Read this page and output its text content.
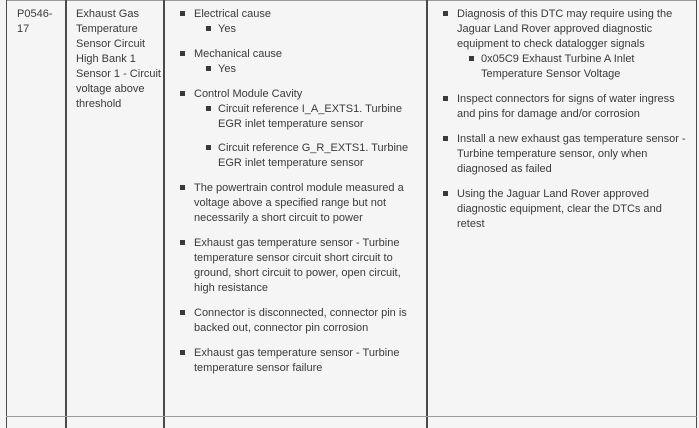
P0546-
17
Exhaust Gas Temperature Sensor Circuit High Bank 1 Sensor 1 - Circuit voltage above threshold
Electrical cause
Yes
Mechanical cause
Yes
Control Module Cavity
Circuit reference I_A_EXTS1. Turbine EGR inlet temperature sensor
Circuit reference G_R_EXTS1. Turbine EGR inlet temperature sensor
The powertrain control module measured a voltage above a specified range but not necessarily a short circuit to power
Exhaust gas temperature sensor - Turbine temperature sensor circuit short circuit to ground, short circuit to power, open circuit, high resistance
Connector is disconnected, connector pin is backed out, connector pin corrosion
Exhaust gas temperature sensor - Turbine temperature sensor failure
Diagnosis of this DTC may require using the Jaguar Land Rover approved diagnostic equipment to check datalogger signals
0x05C9 Exhaust Turbine A Inlet Temperature Sensor Voltage
Inspect connectors for signs of water ingress and pins for damage and/or corrosion
Install a new exhaust gas temperature sensor - Turbine temperature sensor, only when diagnosed as failed
Using the Jaguar Land Rover approved diagnostic equipment, clear the DTCs and retest
